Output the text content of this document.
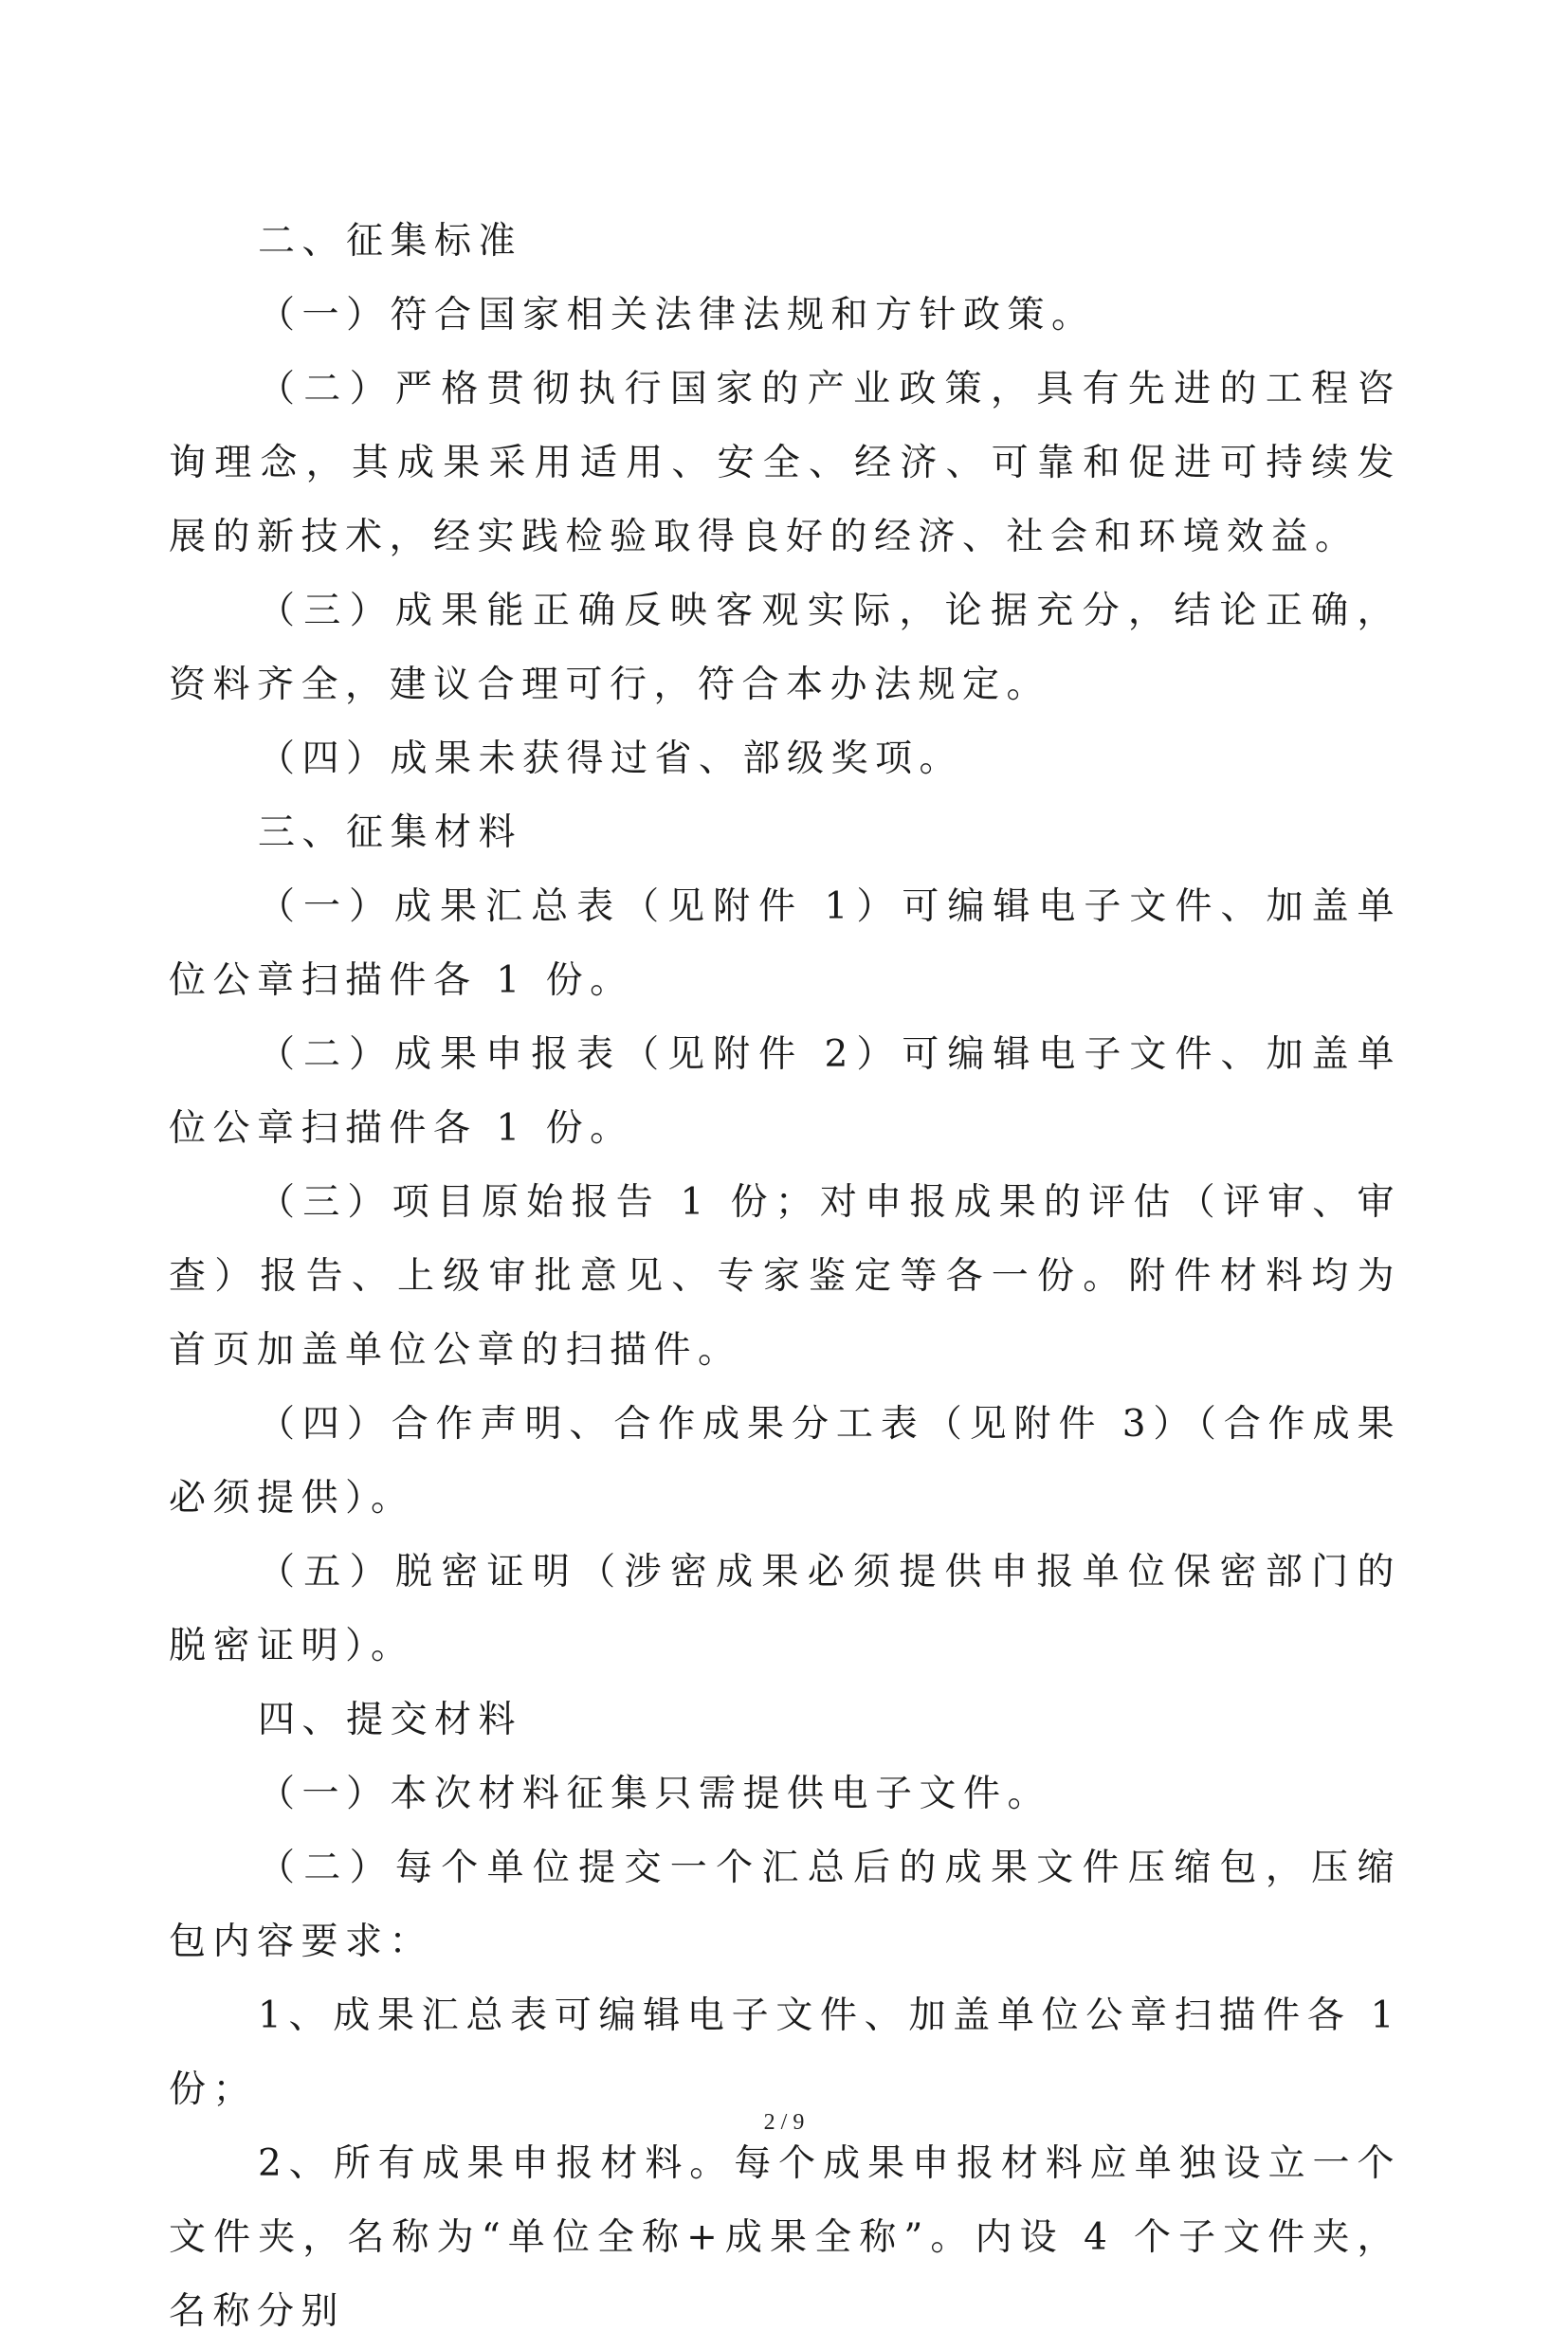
二、征集标准

（一）符合国家相关法律法规和方针政策。

（二）严格贯彻执行国家的产业政策，具有先进的工程咨询理念，其成果采用适用、安全、经济、可靠和促进可持续发展的新技术，经实践检验取得良好的经济、社会和环境效益。

（三）成果能正确反映客观实际，论据充分，结论正确，资料齐全，建议合理可行，符合本办法规定。

（四）成果未获得过省、部级奖项。

三、征集材料

（一）成果汇总表（见附件 1）可编辑电子文件、加盖单位公章扫描件各 1 份。

（二）成果申报表（见附件 2）可编辑电子文件、加盖单位公章扫描件各 1 份。

（三）项目原始报告 1 份；对申报成果的评估（评审、审查）报告、上级审批意见、专家鉴定等各一份。附件材料均为首页加盖单位公章的扫描件。

（四）合作声明、合作成果分工表（见附件 3）（合作成果必须提供）。

（五）脱密证明（涉密成果必须提供申报单位保密部门的脱密证明）。

四、提交材料

（一）本次材料征集只需提供电子文件。

（二）每个单位提交一个汇总后的成果文件压缩包，压缩包内容要求：

1、成果汇总表可编辑电子文件、加盖单位公章扫描件各 1 份；

2、所有成果申报材料。每个成果申报材料应单独设立一个文件夹，名称为“单位全称+成果全称”。内设 4 个子文件夹，名称分别

2 / 9
